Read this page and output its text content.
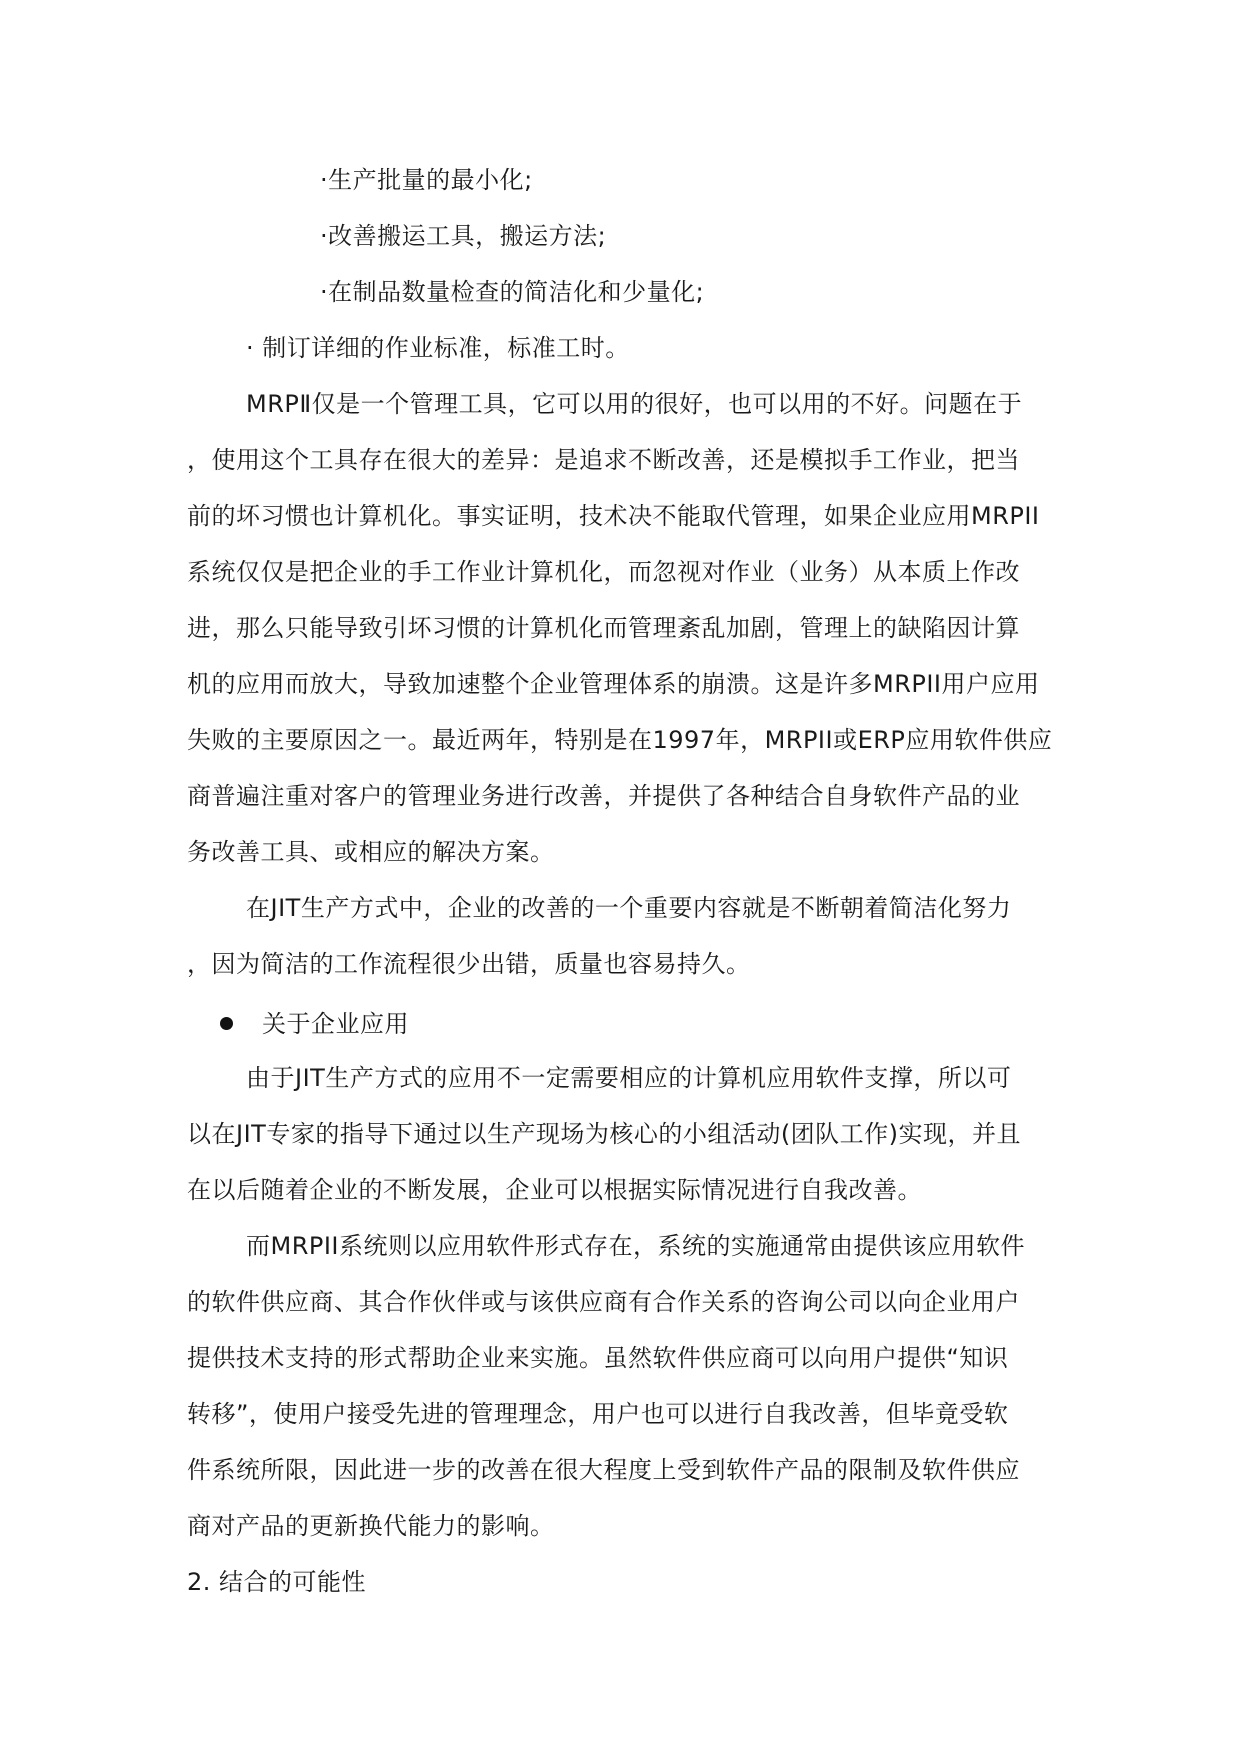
·生产批量的最小化;
·改善搬运工具，搬运方法;
·在制品数量检查的简洁化和少量化;
· 制订详细的作业标准，标准工时。
MRPⅡ仅是一个管理工具，它可以用的很好，也可以用的不好。问题在于
，使用这个工具存在很大的差异：是追求不断改善，还是模拟手工作业，把当
前的坏习惯也计算机化。事实证明，技术决不能取代管理，如果企业应用MRPII
系统仅仅是把企业的手工作业计算机化，而忽视对作业（业务）从本质上作改
进，那么只能导致引坏习惯的计算机化而管理紊乱加剧，管理上的缺陷因计算
机的应用而放大，导致加速整个企业管理体系的崩溃。这是许多MRPII用户应用
失败的主要原因之一。最近两年，特别是在1997年，MRPII或ERP应用软件供应
商普遍注重对客户的管理业务进行改善，并提供了各种结合自身软件产品的业
务改善工具、或相应的解决方案。
在JIT生产方式中，企业的改善的一个重要内容就是不断朝着简洁化努力
，因为简洁的工作流程很少出错，质量也容易持久。
关于企业应用
由于JIT生产方式的应用不一定需要相应的计算机应用软件支撑，所以可
以在JIT专家的指导下通过以生产现场为核心的小组活动(团队工作)实现，并且
在以后随着企业的不断发展，企业可以根据实际情况进行自我改善。
而MRPII系统则以应用软件形式存在，系统的实施通常由提供该应用软件
的软件供应商、其合作伙伴或与该供应商有合作关系的咨询公司以向企业用户
提供技术支持的形式帮助企业来实施。虽然软件供应商可以向用户提供“知识
转移”，使用户接受先进的管理理念，用户也可以进行自我改善，但毕竟受软
件系统所限，因此进一步的改善在很大程度上受到软件产品的限制及软件供应
商对产品的更新换代能力的影响。
2. 结合的可能性
